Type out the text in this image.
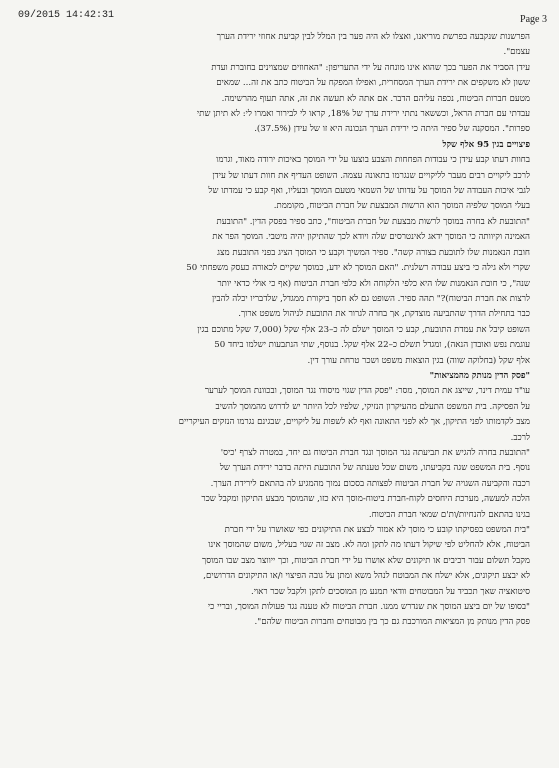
09/2015 14:42:31	Page 3

הפרשנות שנקבעה בפרשת מוריאנו, ואצלו לא היה פער בין המלל לבין קביעת אחוזי ירידת הערך
עצמם".

עידן הסביר את הפער בכך שהוא אינו מונחה על ידי התעריפון: "האחוזים שמצוינים בחוברת ועדת
ששון לא משקפים את ירידת הערך המסחרית, ואפילו המפקח על הביטוח כתב את זה... שמאים
מטעם חברות הביטוח, נכפה עליהם הדבר. אם אתה לא תעשה את זה, אתה תעוף מהרשימה.
עבדתי עם חברת הראל, וכששאר נתתי ירידת ערך של 18%, קראו לי לבירור ואמרו לי: לא תיתן שתי
ספרות". המסקנה של ספיר היתה כי ירידת הערך הנכונה היא זו של עידן (37.5%).

פיצויים בגין 95 אלף שקל

בחוות דעתו קבע עידן כי עבודות הפחחות והצבע בוצעו על ידי המוסך באיכות ירודה מאוד, וגרמו
לרכב ליקויים רבים מעבר לליקויים שנגרמו בתאונה עצמה. השופט העדיף את חוות דעתו של עידן
לגבי איכות העבודה של המוסך על עדותו של השמאי מטעם המוסך ובעליו, ואף קבע כי עמדתו של
בעלי המוסך שלפיה המוסך הוא הרשות המבצעת של חברת הביטוח, מקוממת.
"התובעת לא בחרה במוסך לרשות מבצעת של חברת הביטוח", כתב ספיר בפסק הדין. "התובעת
האמינה וקיוותה כי המוסך ידאג לאינטרסים שלה ויודא לכך שהתיקון יהיה מיטבי. המוסך הפר את
חובת הנאמנות שלו לתובעת בצורה קשה". ספיר המשיך וקבע כי המוסך הציג בפני התובעת מצג
שקרי ולא גילה כי ביצע עבודה רשלנית. "האם המוסך לא ידע, כמוסך שקיים לכאורה כעסק משפחתי 50
שנה", כי חובת הנאמנות שלו היא כלפי הלקוחה ולא כלפי חברת הביטוח (אף כי אולי כדאי יותר
לרצות את חברת הביטוח)?" תהה ספיר. השופט גם לא חסך ביקורת ממגדל, שלדבריו יכלה להבין
כבר בתחילת הדרך שהתביעה מוצדקת, אך בחרה לגרור את התובעת לניהול משפט ארוך.
השופט קיבל את עמדת התובעת, קבע כי המוסך ישלם לה כ–23 אלף שקל (7,000 שקל מתוכם בגין
עוגמת נפש ואובדן הנאה), ומגדל תשלם כ–22 אלף שקל. בנוסף, שתי הנתבעות ישלמו ביחד 50
אלף שקל (בחלוקה שווה) בגין הוצאות משפט ושכר טרחת עורך דין.

"פסק הדין מנותק מהמציאות"

עו"ד עמית דינר, שייצג את המוסך, מסר: "פסק הדין שגוי מיסודו נגד המוסך, ובכוונת המוסך לערער
על הפסיקה. בית המשפט התעלם מהעיקרון הנזיקי, שלפיו לכל היותר יש לדרוש מהמוסך להשיב
מצב לקדמותו לפני התיקון, אך לא לפני התאונה ואף לא לשפות על ליקויים, שבגינם נגרמו הנזקים העיקריים
לרכב.

"התובעת בחרה להגיש את תביעתה נגד המוסך ונגד חברת הביטוח גם יחד, במטרה לצרף 'כיס'
נוסף. בית המשפט שגה בקביעתו, משום שכל טענתה של התובעת היתה בדבר ירידת הערך של
רכבה והקביעה השגויה של חברת הביטוח לפצותה בסכום נמוך מהמגיע לה בהתאם לירידת הערך.
הלכה למעשה, מערכת היחסים לקוח-חברת ביטוח-מוסך היא כזו, שהמוסך מבצע התיקון ומקבל שכר
בגינו בהתאם להנחיות/ות'ם שמאי חברת הביטוח.

"בית המשפט בפסיקתו קובע כי מוסך לא אמור לבצע את התיקונים כפי שאושרו על ידי חברת
הביטוח, אלא להחליט לפי שיקול דעתו מה לתקן ומה לא. מצב זה שגוי בעליל, משום שהמוסך אינו
מקבל תשלום עבור רכיבים או תיקונים שלא אושרו על ידי חברת הביטוח, וכך ייווצר מצב שבו המוסך
לא יבצע תיקונים, אלא ישלח את המבוטח לנהל משא ומתן על גובה הפיצוי ו/או התיקונים הדרושים,
סיטואציה שאך תכביד על המבוטחים וודאי תמנע מן המוסכים לתקן ולקבל שכר ראוי.
"בסופו של יום ביצע המוסך את שנדרש ממנו. חברת הביטוח לא טענה נגד פעולות המוסך, ובריי כי
פסק הדין מנותק מן המציאות המורכבת גם כך בין מבוטחים וחברות הביטוח שלהם".
